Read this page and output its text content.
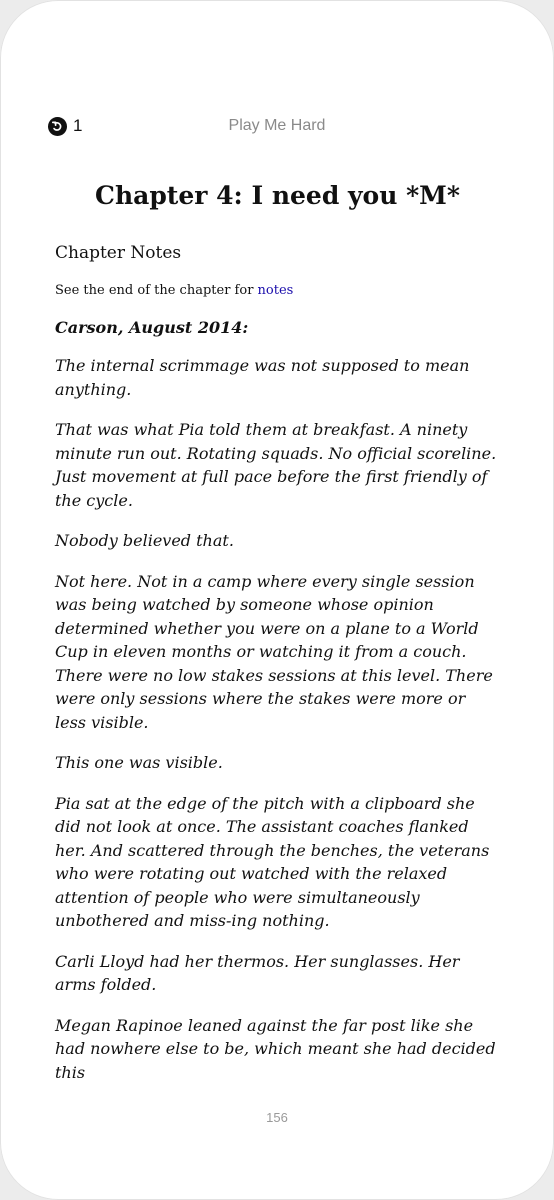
1	Play Me Hard
Chapter 4: I need you *M*
Chapter Notes
See the end of the chapter for notes
Carson, August 2014:

The internal scrimmage was not supposed to mean anything.

That was what Pia told them at breakfast. A ninety minute run out. Rotating squads. No official scoreline. Just movement at full pace before the first friendly of the cycle.

Nobody believed that.

Not here. Not in a camp where every single session was being watched by someone whose opinion determined whether you were on a plane to a World Cup in eleven months or watching it from a couch. There were no low stakes sessions at this level. There were only sessions where the stakes were more or less visible.

This one was visible.

Pia sat at the edge of the pitch with a clipboard she did not look at once. The assistant coaches flanked her. And scattered through the benches, the veterans who were rotating out watched with the relaxed attention of people who were simultaneously unbothered and miss-ing nothing.

Carli Lloyd had her thermos. Her sunglasses. Her arms folded.

Megan Rapinoe leaned against the far post like she had nowhere else to be, which meant she had decided this

156
